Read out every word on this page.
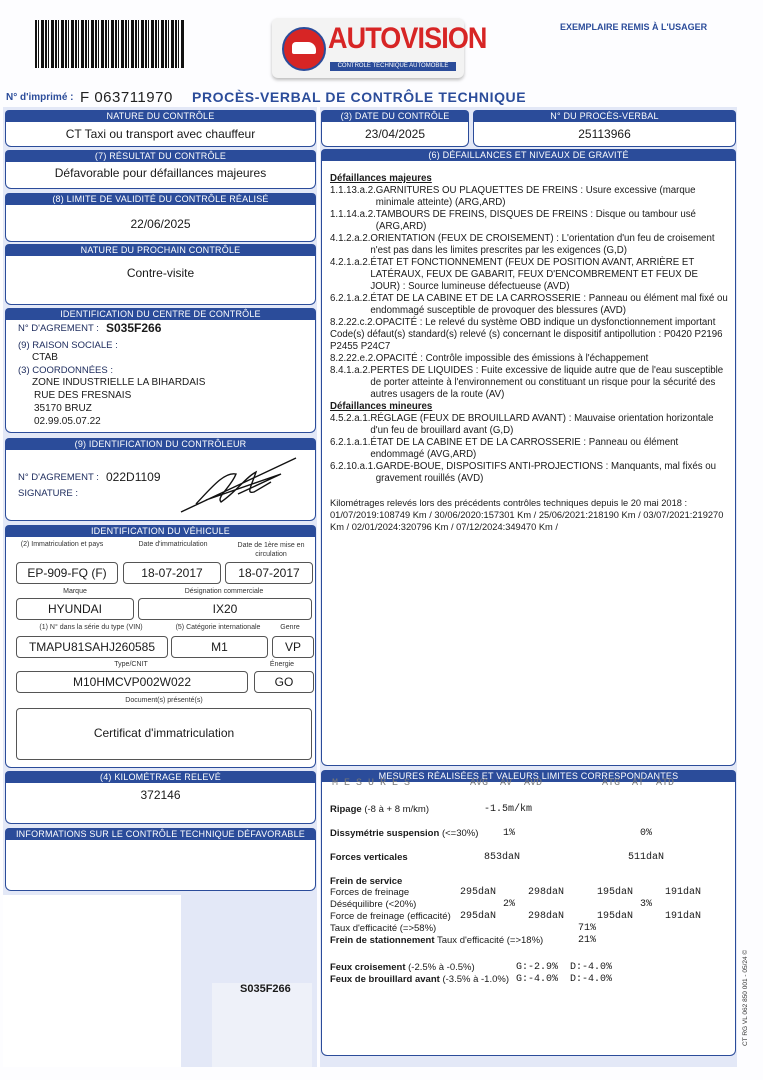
AUTOVISION
CONTROLE TECHNIQUE AUTOMOBILE
EXEMPLAIRE REMIS À L'USAGER
N° d'imprimé : F 063711970 PROCÈS-VERBAL DE CONTRÔLE TECHNIQUE
NATURE DU CONTRÔLE
CT Taxi ou transport avec chauffeur
(3) DATE DU CONTRÔLE
23/04/2025
N° DU PROCÈS-VERBAL
25113966
(7) RÉSULTAT DU CONTRÔLE
Défavorable pour défaillances majeures
(8) LIMITE DE VALIDITÉ DU CONTRÔLE RÉALISÉ
22/06/2025
NATURE DU PROCHAIN CONTRÔLE
Contre-visite
IDENTIFICATION DU CENTRE DE CONTRÔLE
N° D'AGREMENT : S035F266
(9) RAISON SOCIALE :
CTAB
(3) COORDONNÉES :
ZONE INDUSTRIELLE LA BIHARDAIS
RUE DES FRESNAIS
35170 BRUZ
02.99.05.07.22
(9) IDENTIFICATION DU CONTRÔLEUR
N° D'AGREMENT : 022D1109
SIGNATURE :
IDENTIFICATION DU VÉHICULE
(2) Immatriculation et pays	Date d'immatriculation	Date de 1ère mise en circulation
EP-909-FQ (F)	18-07-2017	18-07-2017
Marque	Désignation commerciale
HYUNDAI	IX20
(1) N° dans la série du type (VIN)	(5) Catégorie internationale	Genre
TMAPU81SAHJ260585	M1	VP
Type/CNIT	Énergie
M10HMCVP002W022	GO
Document(s) présenté(s)
Certificat d'immatriculation
(4) KILOMÉTRAGE RELEVÉ
372146
INFORMATIONS SUR LE CONTRÔLE TECHNIQUE DÉFAVORABLE
S035F266
(6) DÉFAILLANCES ET NIVEAUX DE GRAVITÉ
Défaillances majeures
1.1.13.a.2. GARNITURES OU PLAQUETTES DE FREINS : Usure excessive (marque minimale atteinte) (ARG,ARD)
1.1.14.a.2. TAMBOURS DE FREINS, DISQUES DE FREINS : Disque ou tambour usé (ARG,ARD)
4.1.2.a.2. ORIENTATION (FEUX DE CROISEMENT) : L'orientation d'un feu de croisement n'est pas dans les limites prescrites par les exigences (G,D)
4.2.1.a.2. ÉTAT ET FONCTIONNEMENT (FEUX DE POSITION AVANT, ARRIÈRE ET LATÉRAUX, FEUX DE GABARIT, FEUX D'ENCOMBREMENT ET FEUX DE JOUR) : Source lumineuse défectueuse (AVD)
6.2.1.a.2. ÉTAT DE LA CABINE ET DE LA CARROSSERIE : Panneau ou élément mal fixé ou endommagé susceptible de provoquer des blessures (AVD)
8.2.22.c.2. OPACITÉ : Le relevé du système OBD indique un dysfonctionnement important
Code(s) défaut(s) standard(s) relevé (s) concernant le dispositif antipollution : P0420 P2196 P2455 P24C7
8.2.22.e.2. OPACITÉ : Contrôle impossible des émissions à l'échappement
8.4.1.a.2. PERTES DE LIQUIDES : Fuite excessive de liquide autre que de l'eau susceptible de porter atteinte à l'environnement ou constituant un risque pour la sécurité des autres usagers de la route (AV)
Défaillances mineures
4.5.2.a.1. RÉGLAGE (FEUX DE BROUILLARD AVANT) : Mauvaise orientation horizontale d'un feu de brouillard avant (G,D)
6.2.1.a.1. ÉTAT DE LA CABINE ET DE LA CARROSSERIE : Panneau ou élément endommagé (AVG,ARD)
6.2.10.a.1. GARDE-BOUE, DISPOSITIFS ANTI-PROJECTIONS : Manquants, mal fixés ou gravement rouillés (AVD)
Kilométrages relevés lors des précédents contrôles techniques depuis le 20 mai 2018 : 01/07/2019:108749 Km / 30/06/2020:157301 Km / 25/06/2021:218190 Km / 03/07/2021:219270 Km / 02/01/2024:320796 Km / 07/12/2024:349470 Km /
MESURES RÉALISÉES ET VALEURS LIMITES CORRESPONDANTES
M E S U R E S          AVG  AV  AVD          ATG  AT  ATD
Ripage (-8 à + 8 m/km)	-1.5m/km
Dissymétrie suspension (<=30%) 1%	0%
Forces verticales	853daN	511daN
Frein de service
Forces de freinage	295daN	298daN	195daN	191daN
Déséquilibre (<20%)	2%	3%
Force de freinage (efficacité) 295daN	298daN	195daN	191daN
Taux d'efficacité (=>58%)	71%
Frein de stationnement Taux d'efficacité (=>18%)	21%
Feux croisement (-2.5% à -0.5%)	G:-2.9%  D:-4.0%
Feux de brouillard avant (-3.5% à -1.0%) G:-4.0%  D:-4.0%	CT RG VL 062 850 001 - 05/24 ©
